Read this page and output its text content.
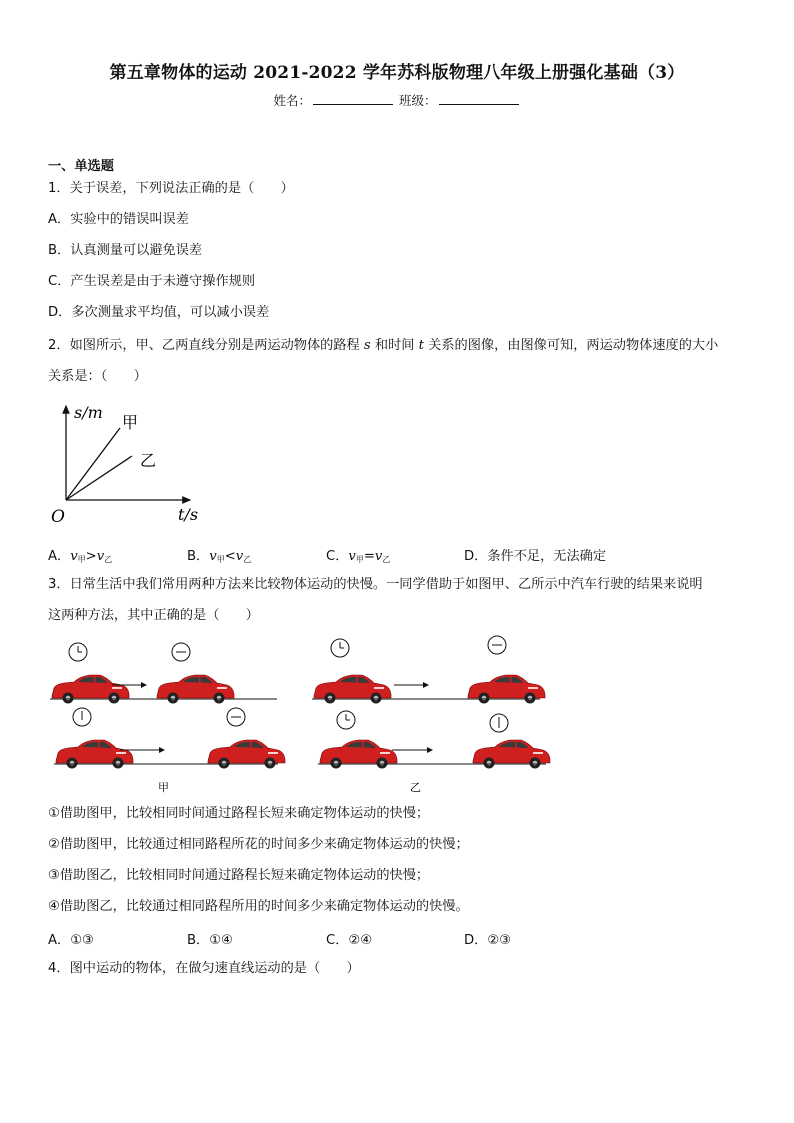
第五章物体的运动 2021-2022 学年苏科版物理八年级上册强化基础（3）
姓名：	班级：
一、单选题
1．关于误差，下列说法正确的是（　　）
A．实验中的错误叫误差
B．认真测量可以避免误差
C．产生误差是由于未遵守操作规则
D．多次测量求平均值，可以减小误差
2．如图所示，甲、乙两直线分别是两运动物体的路程 s 和时间 t 关系的图像，由图像可知，两运动物体速度的大小
关系是：（　　）
s/m
甲
乙
O	t/s
A．$v_甲>v_乙$	B．$v_甲<v_乙$	C．$v_甲=v_乙$	D．条件不足，无法确定
3．日常生活中我们常用两种方法来比较物体运动的快慢。一同学借助于如图甲、乙所示中汽车行驶的结果来说明
这两种方法，其中正确的是（　　）
甲	乙
①借助图甲，比较相同时间通过路程长短来确定物体运动的快慢；
②借助图甲，比较通过相同路程所花的时间多少来确定物体运动的快慢；
③借助图乙，比较相同时间通过路程长短来确定物体运动的快慢；
④借助图乙，比较通过相同路程所用的时间多少来确定物体运动的快慢。
A．①③	B．①④	C．②④	D．②③
4．图中运动的物体，在做匀速直线运动的是（　　）
